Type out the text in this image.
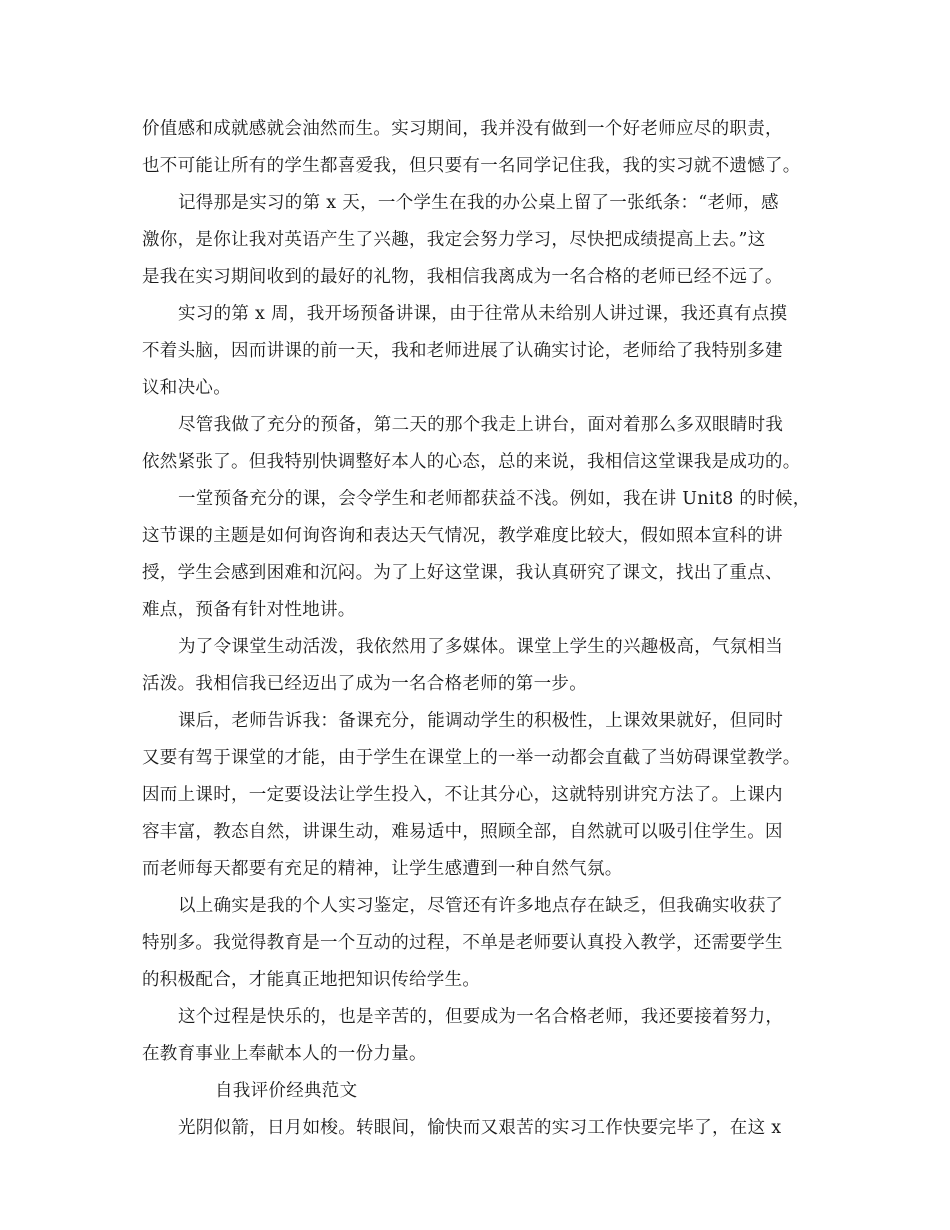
价值感和成就感就会油然而生。实习期间，我并没有做到一个好老师应尽的职责，
也不可能让所有的学生都喜爱我，但只要有一名同学记住我，我的实习就不遗憾了。
记得那是实习的第 x 天，一个学生在我的办公桌上留了一张纸条：“老师，感
激你，是你让我对英语产生了兴趣，我定会努力学习，尽快把成绩提高上去。”这
是我在实习期间收到的最好的礼物，我相信我离成为一名合格的老师已经不远了。
实习的第 x 周，我开场预备讲课，由于往常从未给别人讲过课，我还真有点摸
不着头脑，因而讲课的前一天，我和老师进展了认确实讨论，老师给了我特别多建
议和决心。
尽管我做了充分的预备，第二天的那个我走上讲台，面对着那么多双眼睛时我
依然紧张了。但我特别快调整好本人的心态，总的来说，我相信这堂课我是成功的。
一堂预备充分的课，会令学生和老师都获益不浅。例如，我在讲 Unit8 的时候，
这节课的主题是如何询咨询和表达天气情况，教学难度比较大，假如照本宣科的讲
授，学生会感到困难和沉闷。为了上好这堂课，我认真研究了课文，找出了重点、
难点，预备有针对性地讲。
为了令课堂生动活泼，我依然用了多媒体。课堂上学生的兴趣极高，气氛相当
活泼。我相信我已经迈出了成为一名合格老师的第一步。
课后，老师告诉我：备课充分，能调动学生的积极性，上课效果就好，但同时
又要有驾于课堂的才能，由于学生在课堂上的一举一动都会直截了当妨碍课堂教学。
因而上课时，一定要设法让学生投入，不让其分心，这就特别讲究方法了。上课内
容丰富，教态自然，讲课生动，难易适中，照顾全部，自然就可以吸引住学生。因
而老师每天都要有充足的精神，让学生感遭到一种自然气氛。
以上确实是我的个人实习鉴定，尽管还有许多地点存在缺乏，但我确实收获了
特别多。我觉得教育是一个互动的过程，不单是老师要认真投入教学，还需要学生
的积极配合，才能真正地把知识传给学生。
这个过程是快乐的，也是辛苦的，但要成为一名合格老师，我还要接着努力，
在教育事业上奉献本人的一份力量。
自我评价经典范文
光阴似箭，日月如梭。转眼间，愉快而又艰苦的实习工作快要完毕了，在这 x
